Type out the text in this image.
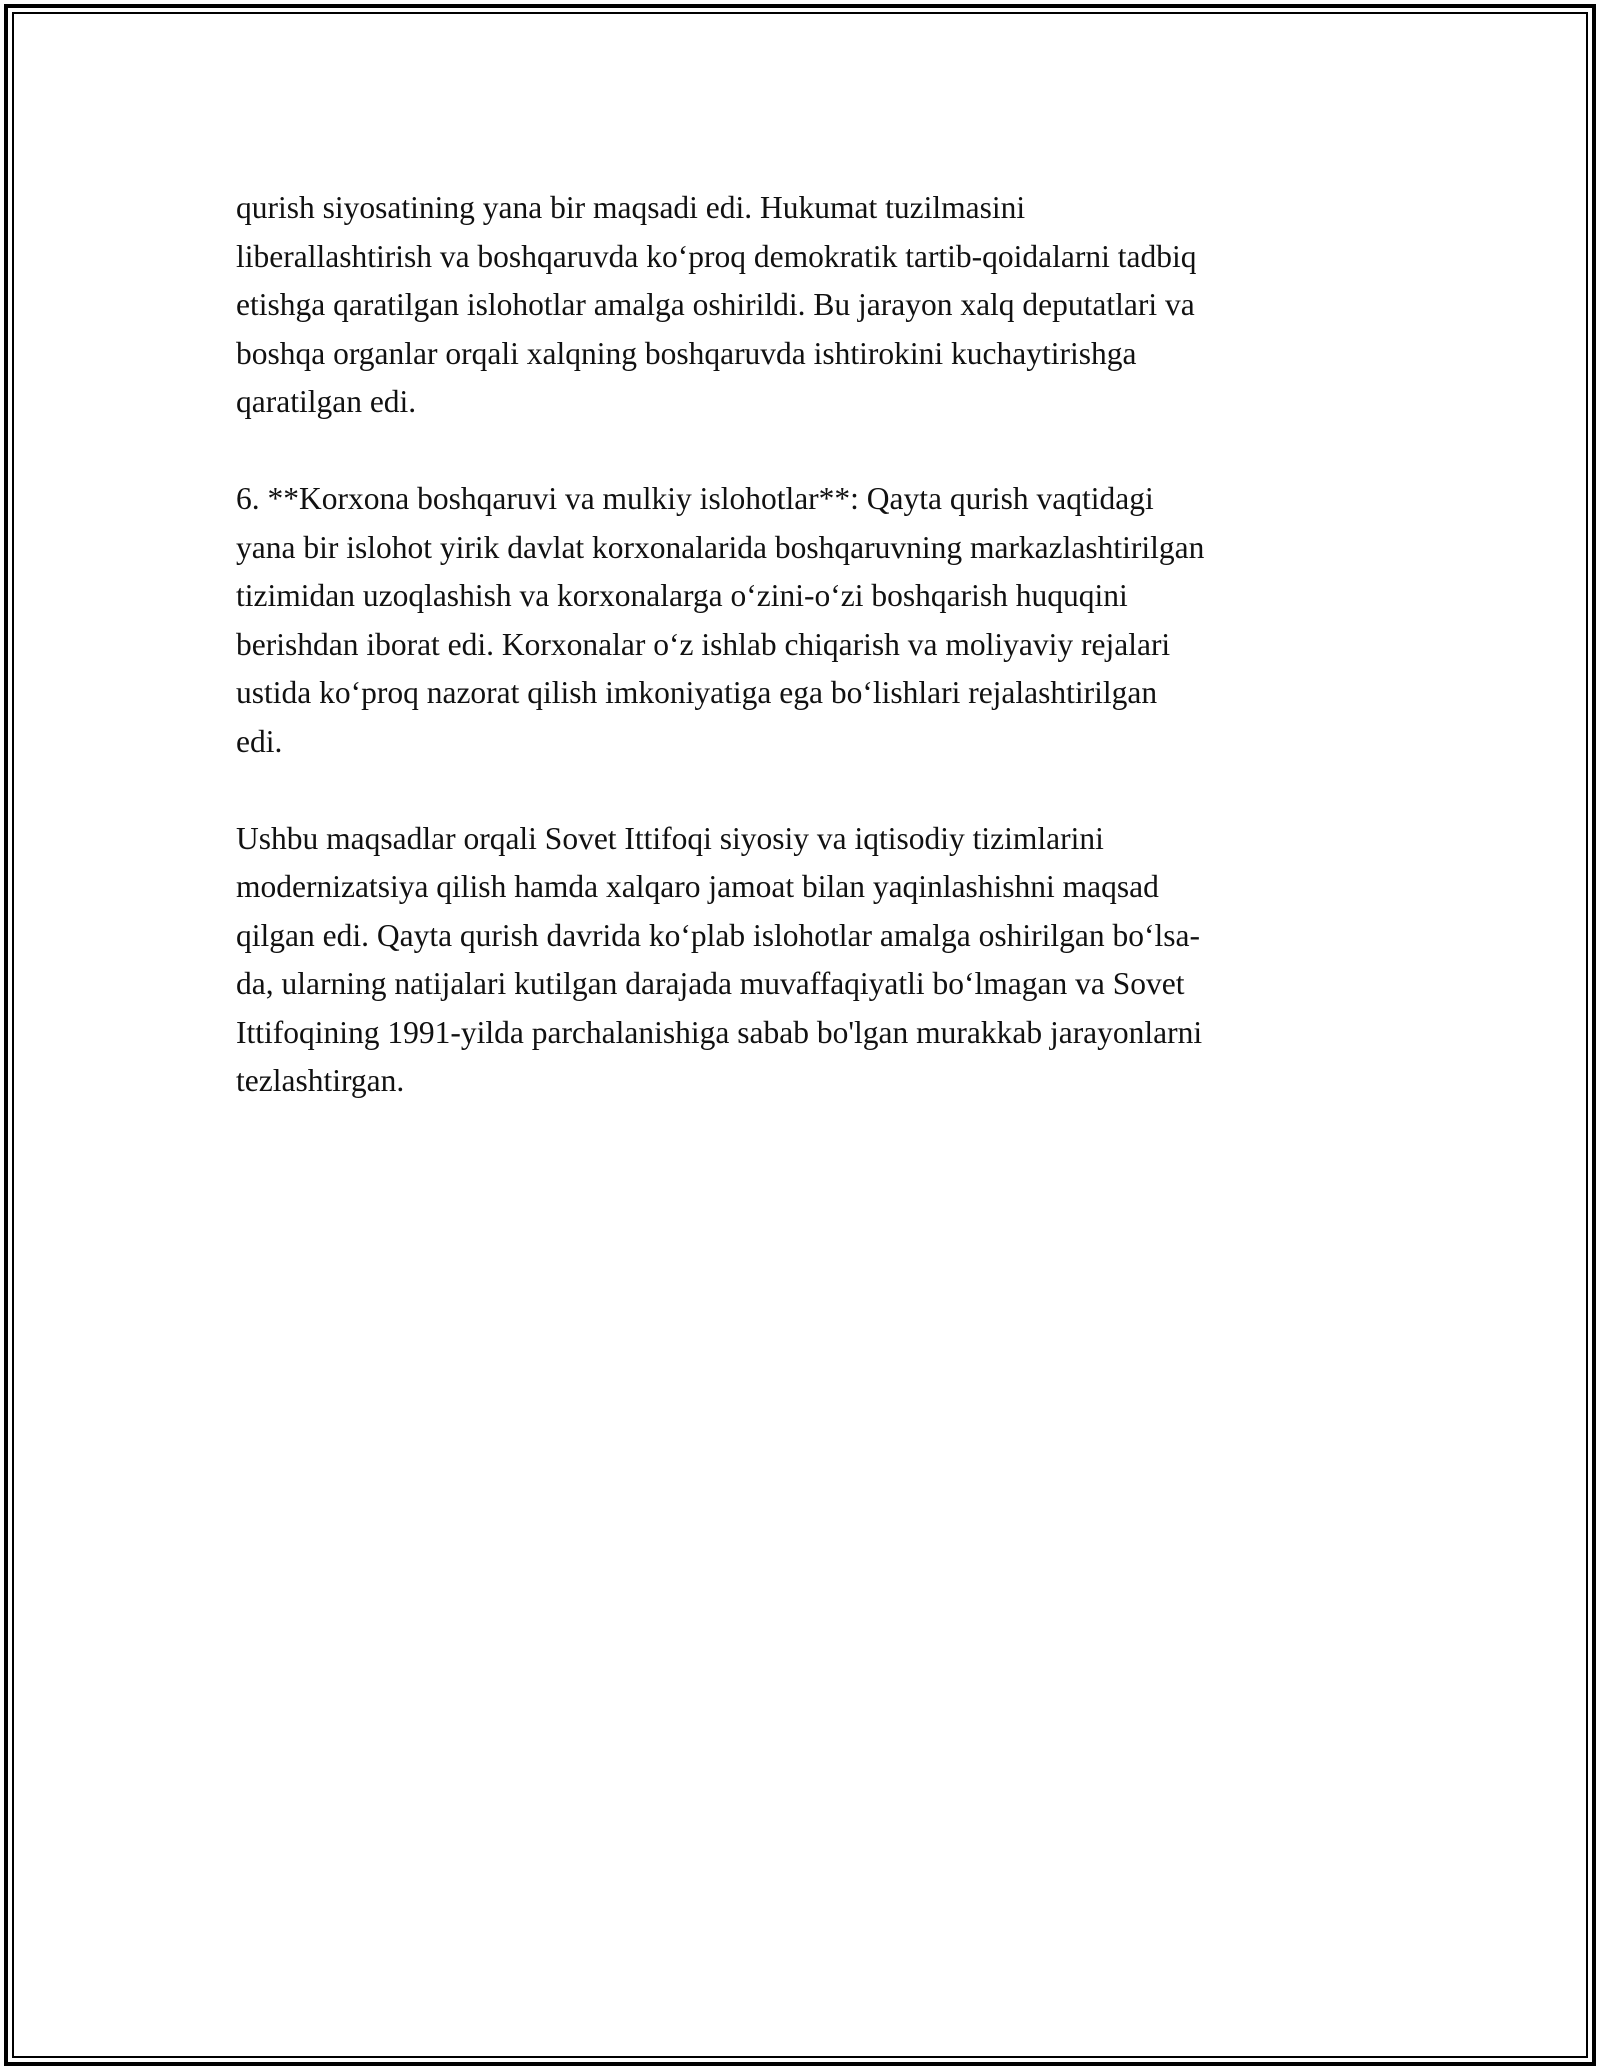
qurish siyosatining yana bir maqsadi edi. Hukumat tuzilmasini
liberallashtirish va boshqaruvda ko‘proq demokratik tartib-qoidalarni tadbiq
etishga qaratilgan islohotlar amalga oshirildi. Bu jarayon xalq deputatlari va
boshqa organlar orqali xalqning boshqaruvda ishtirokini kuchaytirishga
qaratilgan edi.

6. **Korxona boshqaruvi va mulkiy islohotlar**: Qayta qurish vaqtidagi
yana bir islohot yirik davlat korxonalarida boshqaruvning markazlashtirilgan
tizimidan uzoqlashish va korxonalarga o‘zini-o‘zi boshqarish huquqini
berishdan iborat edi. Korxonalar o‘z ishlab chiqarish va moliyaviy rejalari
ustida ko‘proq nazorat qilish imkoniyatiga ega bo‘lishlari rejalashtirilgan
edi.

Ushbu maqsadlar orqali Sovet Ittifoqi siyosiy va iqtisodiy tizimlarini
modernizatsiya qilish hamda xalqaro jamoat bilan yaqinlashishni maqsad
qilgan edi. Qayta qurish davrida ko‘plab islohotlar amalga oshirilgan bo‘lsa-
da, ularning natijalari kutilgan darajada muvaffaqiyatli bo‘lmagan va Sovet
Ittifoqining 1991-yilda parchalanishiga sabab bo'lgan murakkab jarayonlarni
tezlashtirgan.
